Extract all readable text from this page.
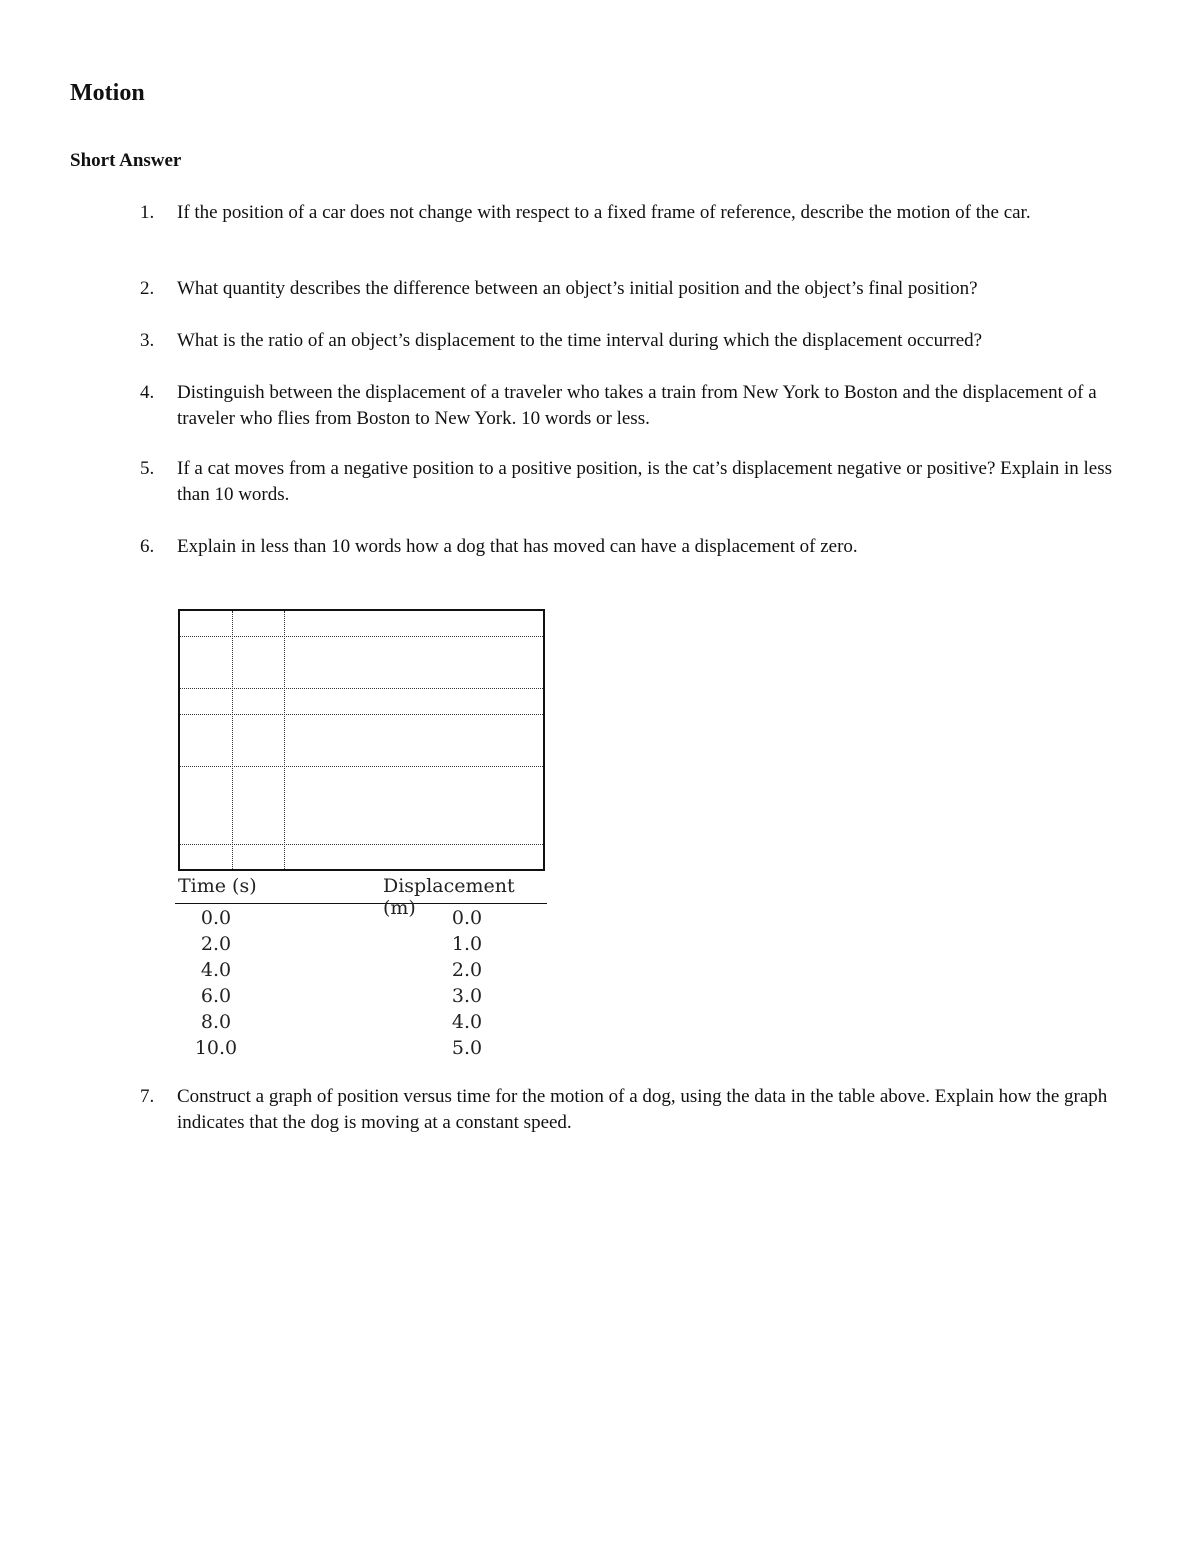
Motion
Short Answer
1.	If the position of a car does not change with respect to a fixed frame of reference, describe the motion of the car.
2.	What quantity describes the difference between an object’s initial position and the object’s final position?
3.	What is the ratio of an object’s displacement to the time interval during which the displacement occurred?
4.	Distinguish between the displacement of a traveler who takes a train from New York to Boston and the displacement of a traveler who flies from Boston to New York. 10 words or less.
5.	If a cat moves from a negative position to a positive position, is the cat’s displacement negative or positive? Explain in less than 10 words.
6.	Explain in less than 10 words how a dog that has moved can have a displacement of zero.
7.	Construct a graph of position versus time for the motion of a dog, using the data in the table above. Explain how the graph indicates that the dog is moving at a constant speed.
Time (s)	Displacement (m)
0.0	0.0
2.0	1.0
4.0	2.0
6.0	3.0
8.0	4.0
10.0	5.0
